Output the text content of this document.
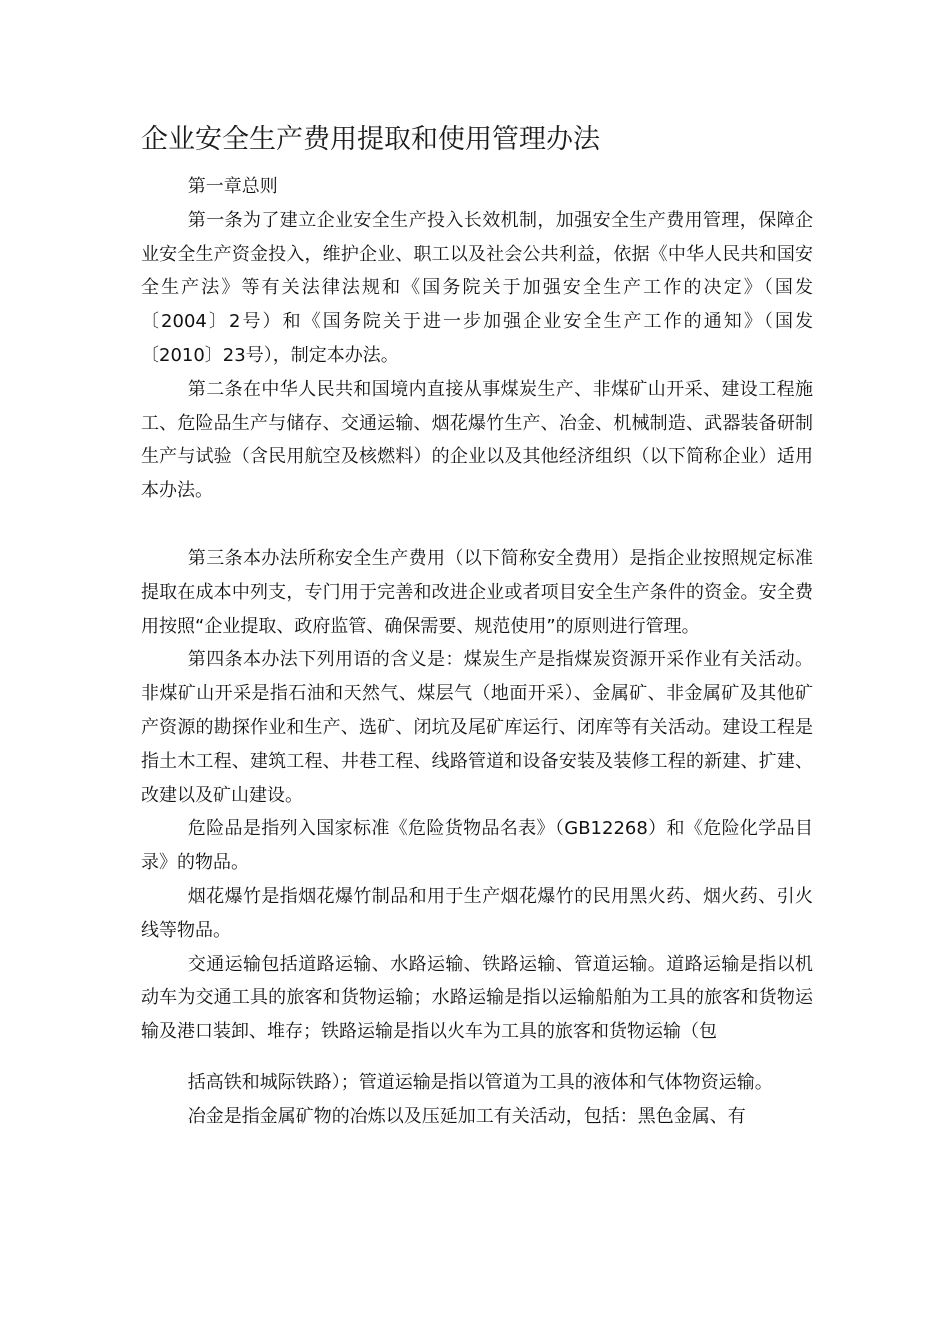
企业安全生产费用提取和使用管理办法

第一章总则

第一条为了建立企业安全生产投入长效机制，加强安全生产费用管理，保障企业安全生产资金投入，维护企业、职工以及社会公共利益，依据《中华人民共和国安全生产法》等有关法律法规和《国务院关于加强安全生产工作的决定》（国发〔2004〕2号）和《国务院关于进一步加强企业安全生产工作的通知》（国发〔2010〕23号），制定本办法。

第二条在中华人民共和国境内直接从事煤炭生产、非煤矿山开采、建设工程施工、危险品生产与储存、交通运输、烟花爆竹生产、冶金、机械制造、武器装备研制生产与试验（含民用航空及核燃料）的企业以及其他经济组织（以下简称企业）适用本办法。

第三条本办法所称安全生产费用（以下简称安全费用）是指企业按照规定标准提取在成本中列支，专门用于完善和改进企业或者项目安全生产条件的资金。安全费用按照“企业提取、政府监管、确保需要、规范使用”的原则进行管理。

第四条本办法下列用语的含义是：煤炭生产是指煤炭资源开采作业有关活动。非煤矿山开采是指石油和天然气、煤层气（地面开采）、金属矿、非金属矿及其他矿产资源的勘探作业和生产、选矿、闭坑及尾矿库运行、闭库等有关活动。建设工程是指土木工程、建筑工程、井巷工程、线路管道和设备安装及装修工程的新建、扩建、改建以及矿山建设。

危险品是指列入国家标准《危险货物品名表》（GB12268）和《危险化学品目录》的物品。

烟花爆竹是指烟花爆竹制品和用于生产烟花爆竹的民用黑火药、烟火药、引火线等物品。

交通运输包括道路运输、水路运输、铁路运输、管道运输。道路运输是指以机动车为交通工具的旅客和货物运输；水路运输是指以运输船舶为工具的旅客和货物运输及港口装卸、堆存；铁路运输是指以火车为工具的旅客和货物运输（包

括高铁和城际铁路）；管道运输是指以管道为工具的液体和气体物资运输。

冶金是指金属矿物的冶炼以及压延加工有关活动，包括：黑色金属、有
